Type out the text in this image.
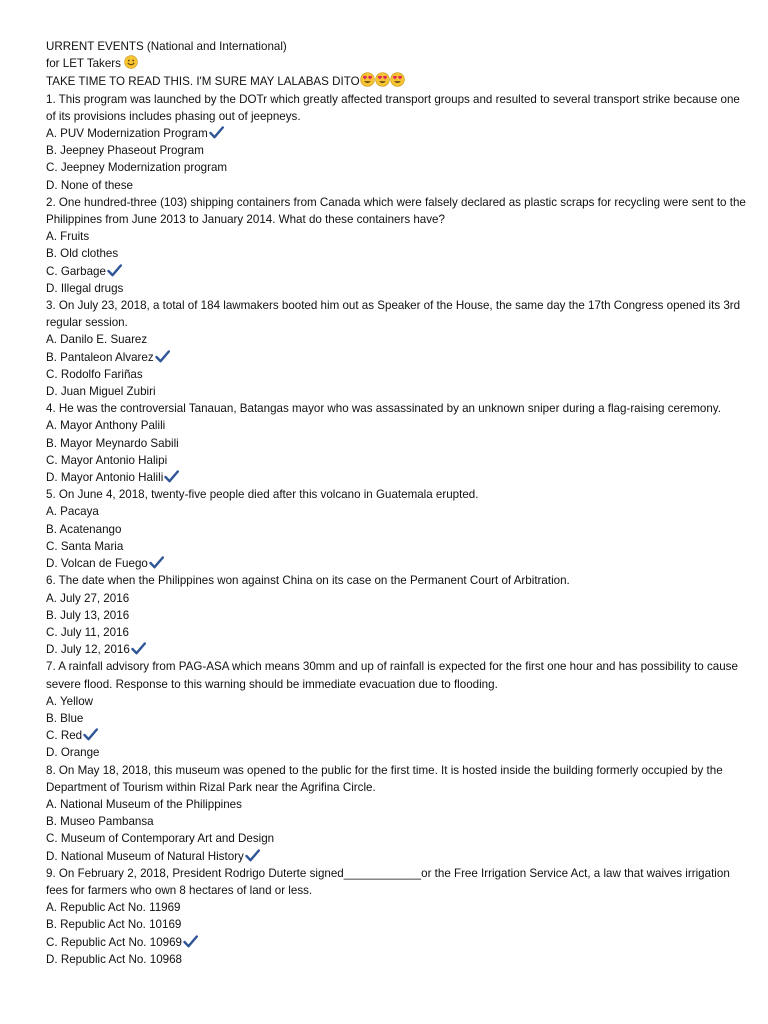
URRENT EVENTS (National and International)
for LET Takers
TAKE TIME TO READ THIS. I'M SURE MAY LALABAS DITO
1. This program was launched by the DOTr which greatly affected transport groups and resulted to several transport strike because one of its provisions includes phasing out of jeepneys.
A. PUV Modernization Program
B. Jeepney Phaseout Program
C. Jeepney Modernization program
D. None of these
2. One hundred-three (103) shipping containers from Canada which were falsely declared as plastic scraps for recycling were sent to the Philippines from June 2013 to January 2014. What do these containers have?
A. Fruits
B. Old clothes
C. Garbage
D. Illegal drugs
3. On July 23, 2018, a total of 184 lawmakers booted him out as Speaker of the House, the same day the 17th Congress opened its 3rd regular session.
A. Danilo E. Suarez
B. Pantaleon Alvarez
C. Rodolfo Fariñas
D. Juan Miguel Zubiri
4. He was the controversial Tanauan, Batangas mayor who was assassinated by an unknown sniper during a flag-raising ceremony.
A. Mayor Anthony Palili
B. Mayor Meynardo Sabili
C. Mayor Antonio Halipi
D. Mayor Antonio Halili
5. On June 4, 2018, twenty-five people died after this volcano in Guatemala erupted.
A. Pacaya
B. Acatenango
C. Santa Maria
D. Volcan de Fuego
6. The date when the Philippines won against China on its case on the Permanent Court of Arbitration.
A. July 27, 2016
B. July 13, 2016
C. July 11, 2016
D. July 12, 2016
7. A rainfall advisory from PAG-ASA which means 30mm and up of rainfall is expected for the first one hour and has possibility to cause severe flood. Response to this warning should be immediate evacuation due to flooding.
A. Yellow
B. Blue
C. Red
D. Orange
8. On May 18, 2018, this museum was opened to the public for the first time. It is hosted inside the building formerly occupied by the Department of Tourism within Rizal Park near the Agrifina Circle.
A. National Museum of the Philippines
B. Museo Pambansa
C. Museum of Contemporary Art and Design
D. National Museum of Natural History
9. On February 2, 2018, President Rodrigo Duterte signed____________or the Free Irrigation Service Act, a law that waives irrigation fees for farmers who own 8 hectares of land or less.
A. Republic Act No. 11969
B. Republic Act No. 10169
C. Republic Act No. 10969
D. Republic Act No. 10968
